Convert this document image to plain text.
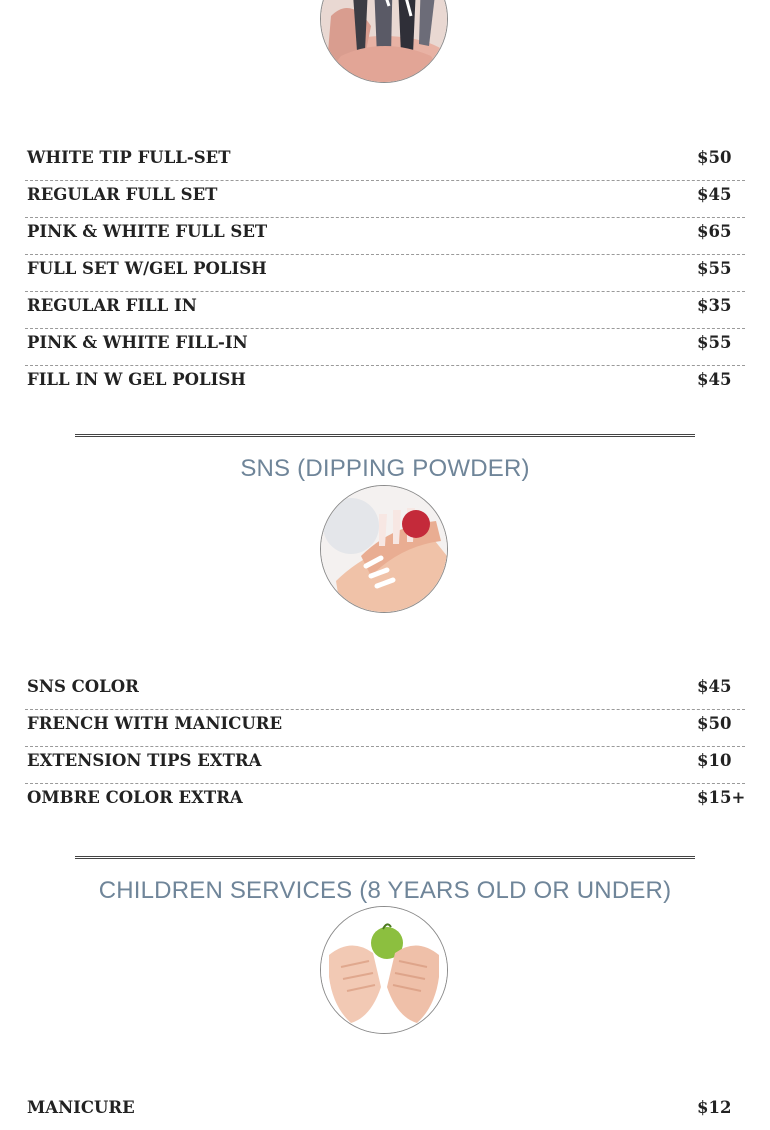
WHITE TIP FULL-SET	$50
REGULAR FULL SET	$45
PINK & WHITE FULL SET	$65
FULL SET W/GEL POLISH	$55
REGULAR FILL IN	$35
PINK & WHITE FILL-IN	$55
FILL IN W GEL POLISH	$45
SNS (DIPPING POWDER)
SNS COLOR	$45
FRENCH WITH MANICURE	$50
EXTENSION TIPS EXTRA	$10
OMBRE COLOR EXTRA	$15+
CHILDREN SERVICES (8 YEARS OLD OR UNDER)
MANICURE	$12
